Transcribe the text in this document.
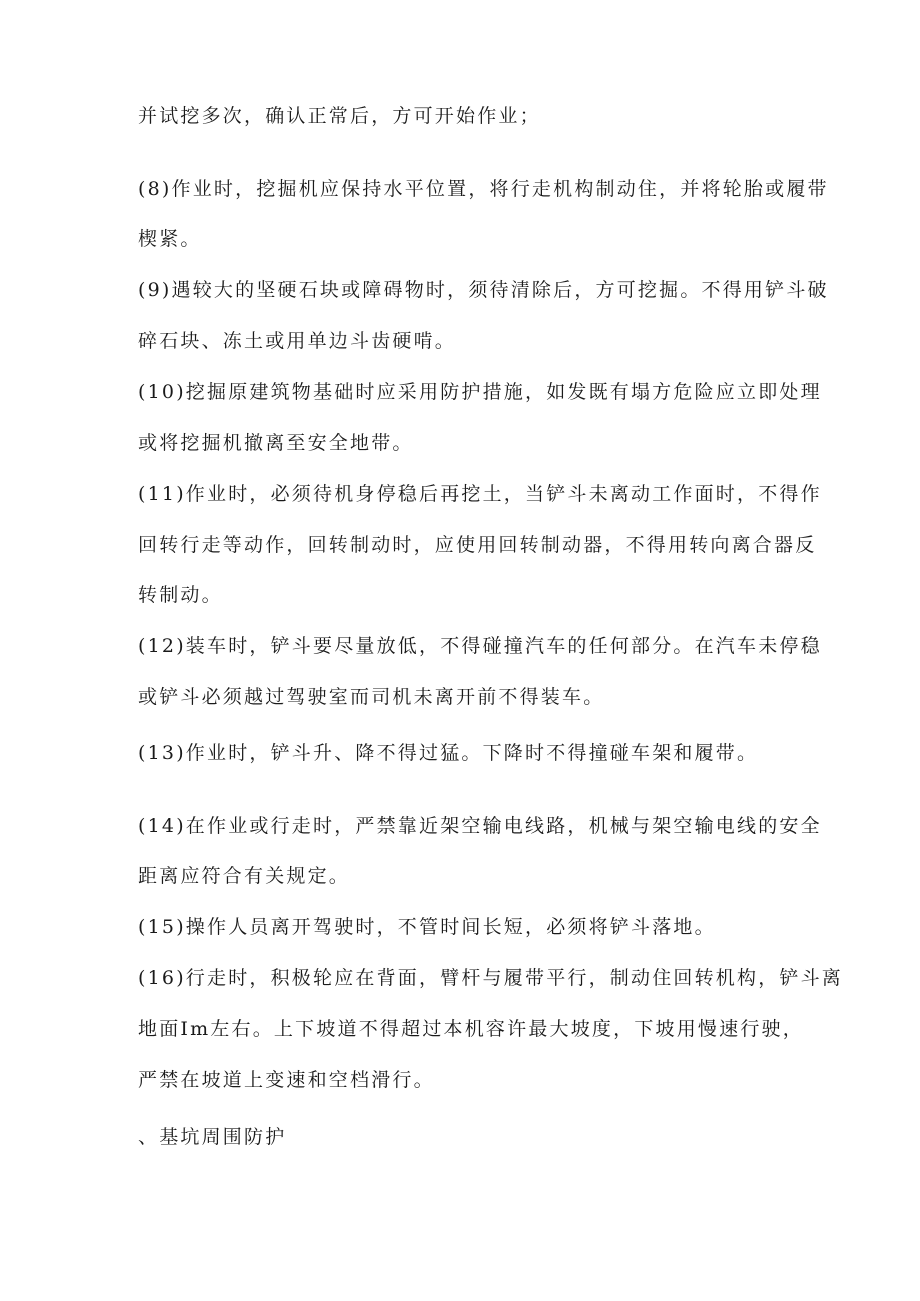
并试挖多次，确认正常后，方可开始作业；
(8)作业时，挖掘机应保持水平位置，将行走机构制动住，并将轮胎或履带
楔紧。
(9)遇较大的坚硬石块或障碍物时，须待清除后，方可挖掘。不得用铲斗破
碎石块、冻土或用单边斗齿硬啃。
(10)挖掘原建筑物基础时应采用防护措施，如发既有塌方危险应立即处理
或将挖掘机撤离至安全地带。
(11)作业时，必须待机身停稳后再挖土，当铲斗未离动工作面时，不得作
回转行走等动作，回转制动时，应使用回转制动器，不得用转向离合器反
转制动。
(12)装车时，铲斗要尽量放低，不得碰撞汽车的任何部分。在汽车未停稳
或铲斗必须越过驾驶室而司机未离开前不得装车。
(13)作业时，铲斗升、降不得过猛。下降时不得撞碰车架和履带。
(14)在作业或行走时，严禁靠近架空输电线路，机械与架空输电线的安全
距离应符合有关规定。
(15)操作人员离开驾驶时，不管时间长短，必须将铲斗落地。
(16)行走时，积极轮应在背面，臂杆与履带平行，制动住回转机构，铲斗离
地面Im左右。上下坡道不得超过本机容许最大坡度，下坡用慢速行驶，
严禁在坡道上变速和空档滑行。
、基坑周围防护
